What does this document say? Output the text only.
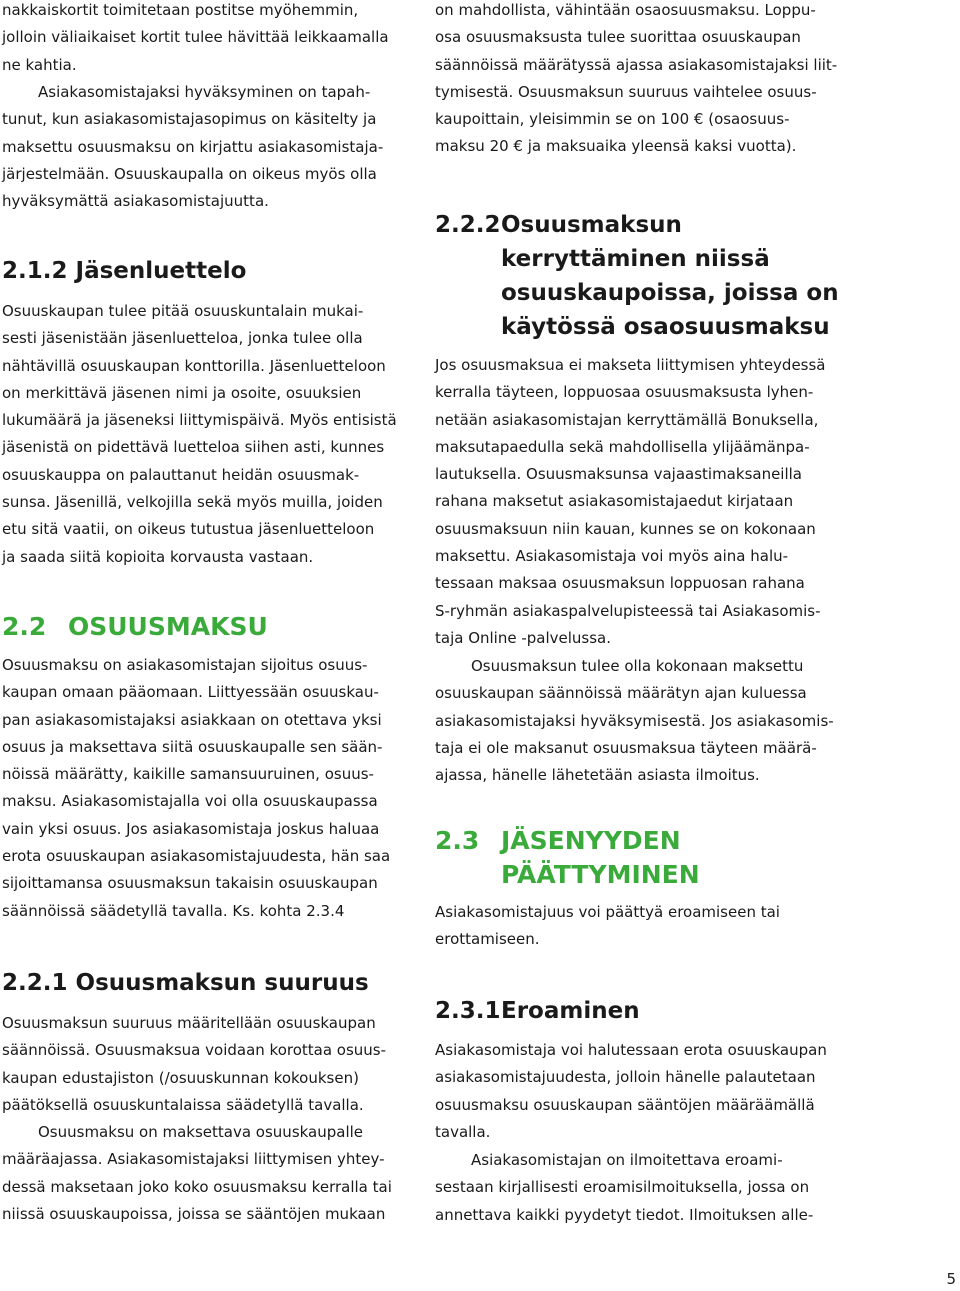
nakkaiskortit toimitetaan postitse myöhemmin,
jolloin väliaikaiset kortit tulee hävittää leikkaamalla
ne kahtia.

Asiakasomistajaksi hyväksyminen on tapah-
tunut, kun asiakasomistajasopimus on käsitelty ja
maksettu osuusmaksu on kirjattu asiakasomistaja-
järjestelmään. Osuuskaupalla on oikeus myös olla
hyväksymättä asiakasomistajuutta.

2.1.2 Jäsenluettelo

Osuuskaupan tulee pitää osuuskuntalain mukai-
sesti jäsenistään jäsenluetteloa, jonka tulee olla
nähtävillä osuuskaupan konttorilla. Jäsenluetteloon
on merkittävä jäsenen nimi ja osoite, osuuksien
lukumäärä ja jäseneksi liittymispäivä. Myös entisistä
jäsenistä on pidettävä luetteloa siihen asti, kunnes
osuuskauppa on palauttanut heidän osuusmak-
sunsa. Jäsenillä, velkojilla sekä myös muilla, joiden
etu sitä vaatii, on oikeus tutustua jäsenluetteloon
ja saada siitä kopioita korvausta vastaan.

2.2 OSUUSMAKSU

Osuusmaksu on asiakasomistajan sijoitus osuus-
kaupan omaan pääomaan. Liittyessään osuuskau-
pan asiakasomistajaksi asiakkaan on otettava yksi
osuus ja maksettava siitä osuuskaupalle sen sään-
nöissä määrätty, kaikille samansuuruinen, osuus-
maksu. Asiakasomistajalla voi olla osuuskaupassa
vain yksi osuus. Jos asiakasomistaja joskus haluaa
erota osuuskaupan asiakasomistajuudesta, hän saa
sijoittamansa osuusmaksun takaisin osuuskaupan
säännöissä säädetyllä tavalla. Ks. kohta 2.3.4

2.2.1 Osuusmaksun suuruus

Osuusmaksun suuruus määritellään osuuskaupan
säännöissä. Osuusmaksua voidaan korottaa osuus-
kaupan edustajiston (/osuuskunnan kokouksen)
päätöksellä osuuskuntalaissa säädetyllä tavalla.

Osuusmaksu on maksettava osuuskaupalle
määräajassa. Asiakasomistajaksi liittymisen yhtey-
dessä maksetaan joko koko osuusmaksu kerralla tai
niissä osuuskaupoissa, joissa se sääntöjen mukaan

on mahdollista, vähintään osaosuusmaksu. Loppu-
osa osuusmaksusta tulee suorittaa osuuskaupan
säännöissä määrätyssä ajassa asiakasomistajaksi liit-
tymisestä. Osuusmaksun suuruus vaihtelee osuus-
kaupoittain, yleisimmin se on 100 € (osaosuus-
maksu 20 € ja maksuaika yleensä kaksi vuotta).

2.2.2 Osuusmaksun
kerryttäminen niissä
osuuskaupoissa, joissa on
käytössä osaosuusmaksu

Jos osuusmaksua ei makseta liittymisen yhteydessä
kerralla täyteen, loppuosaa osuusmaksusta lyhen-
netään asiakasomistajan kerryttämällä Bonuksella,
maksutapaedulla sekä mahdollisella ylijäämänpa-
lautuksella. Osuusmaksunsa vajaastimaksaneilla
rahana maksetut asiakasomistajaedut kirjataan
osuusmaksuun niin kauan, kunnes se on kokonaan
maksettu. Asiakasomistaja voi myös aina halu-
tessaan maksaa osuusmaksun loppuosan rahana
S-ryhmän asiakaspalvelupisteessä tai Asiakasomis-
taja Online -palvelussa.

Osuusmaksun tulee olla kokonaan maksettu
osuuskaupan säännöissä määrätyn ajan kuluessa
asiakasomistajaksi hyväksymisestä. Jos asiakasomis-
taja ei ole maksanut osuusmaksua täyteen määrä-
ajassa, hänelle lähetetään asiasta ilmoitus.

2.3 JÄSENYYDEN
PÄÄTTYMINEN

Asiakasomistajuus voi päättyä eroamiseen tai
erottamiseen.

2.3.1 Eroaminen

Asiakasomistaja voi halutessaan erota osuuskaupan
asiakasomistajuudesta, jolloin hänelle palautetaan
osuusmaksu osuuskaupan sääntöjen määräämällä
tavalla.

Asiakasomistajan on ilmoitettava eroami-
sestaan kirjallisesti eroamisilmoituksella, jossa on
annettava kaikki pyydetyt tiedot. Ilmoituksen alle-

5
